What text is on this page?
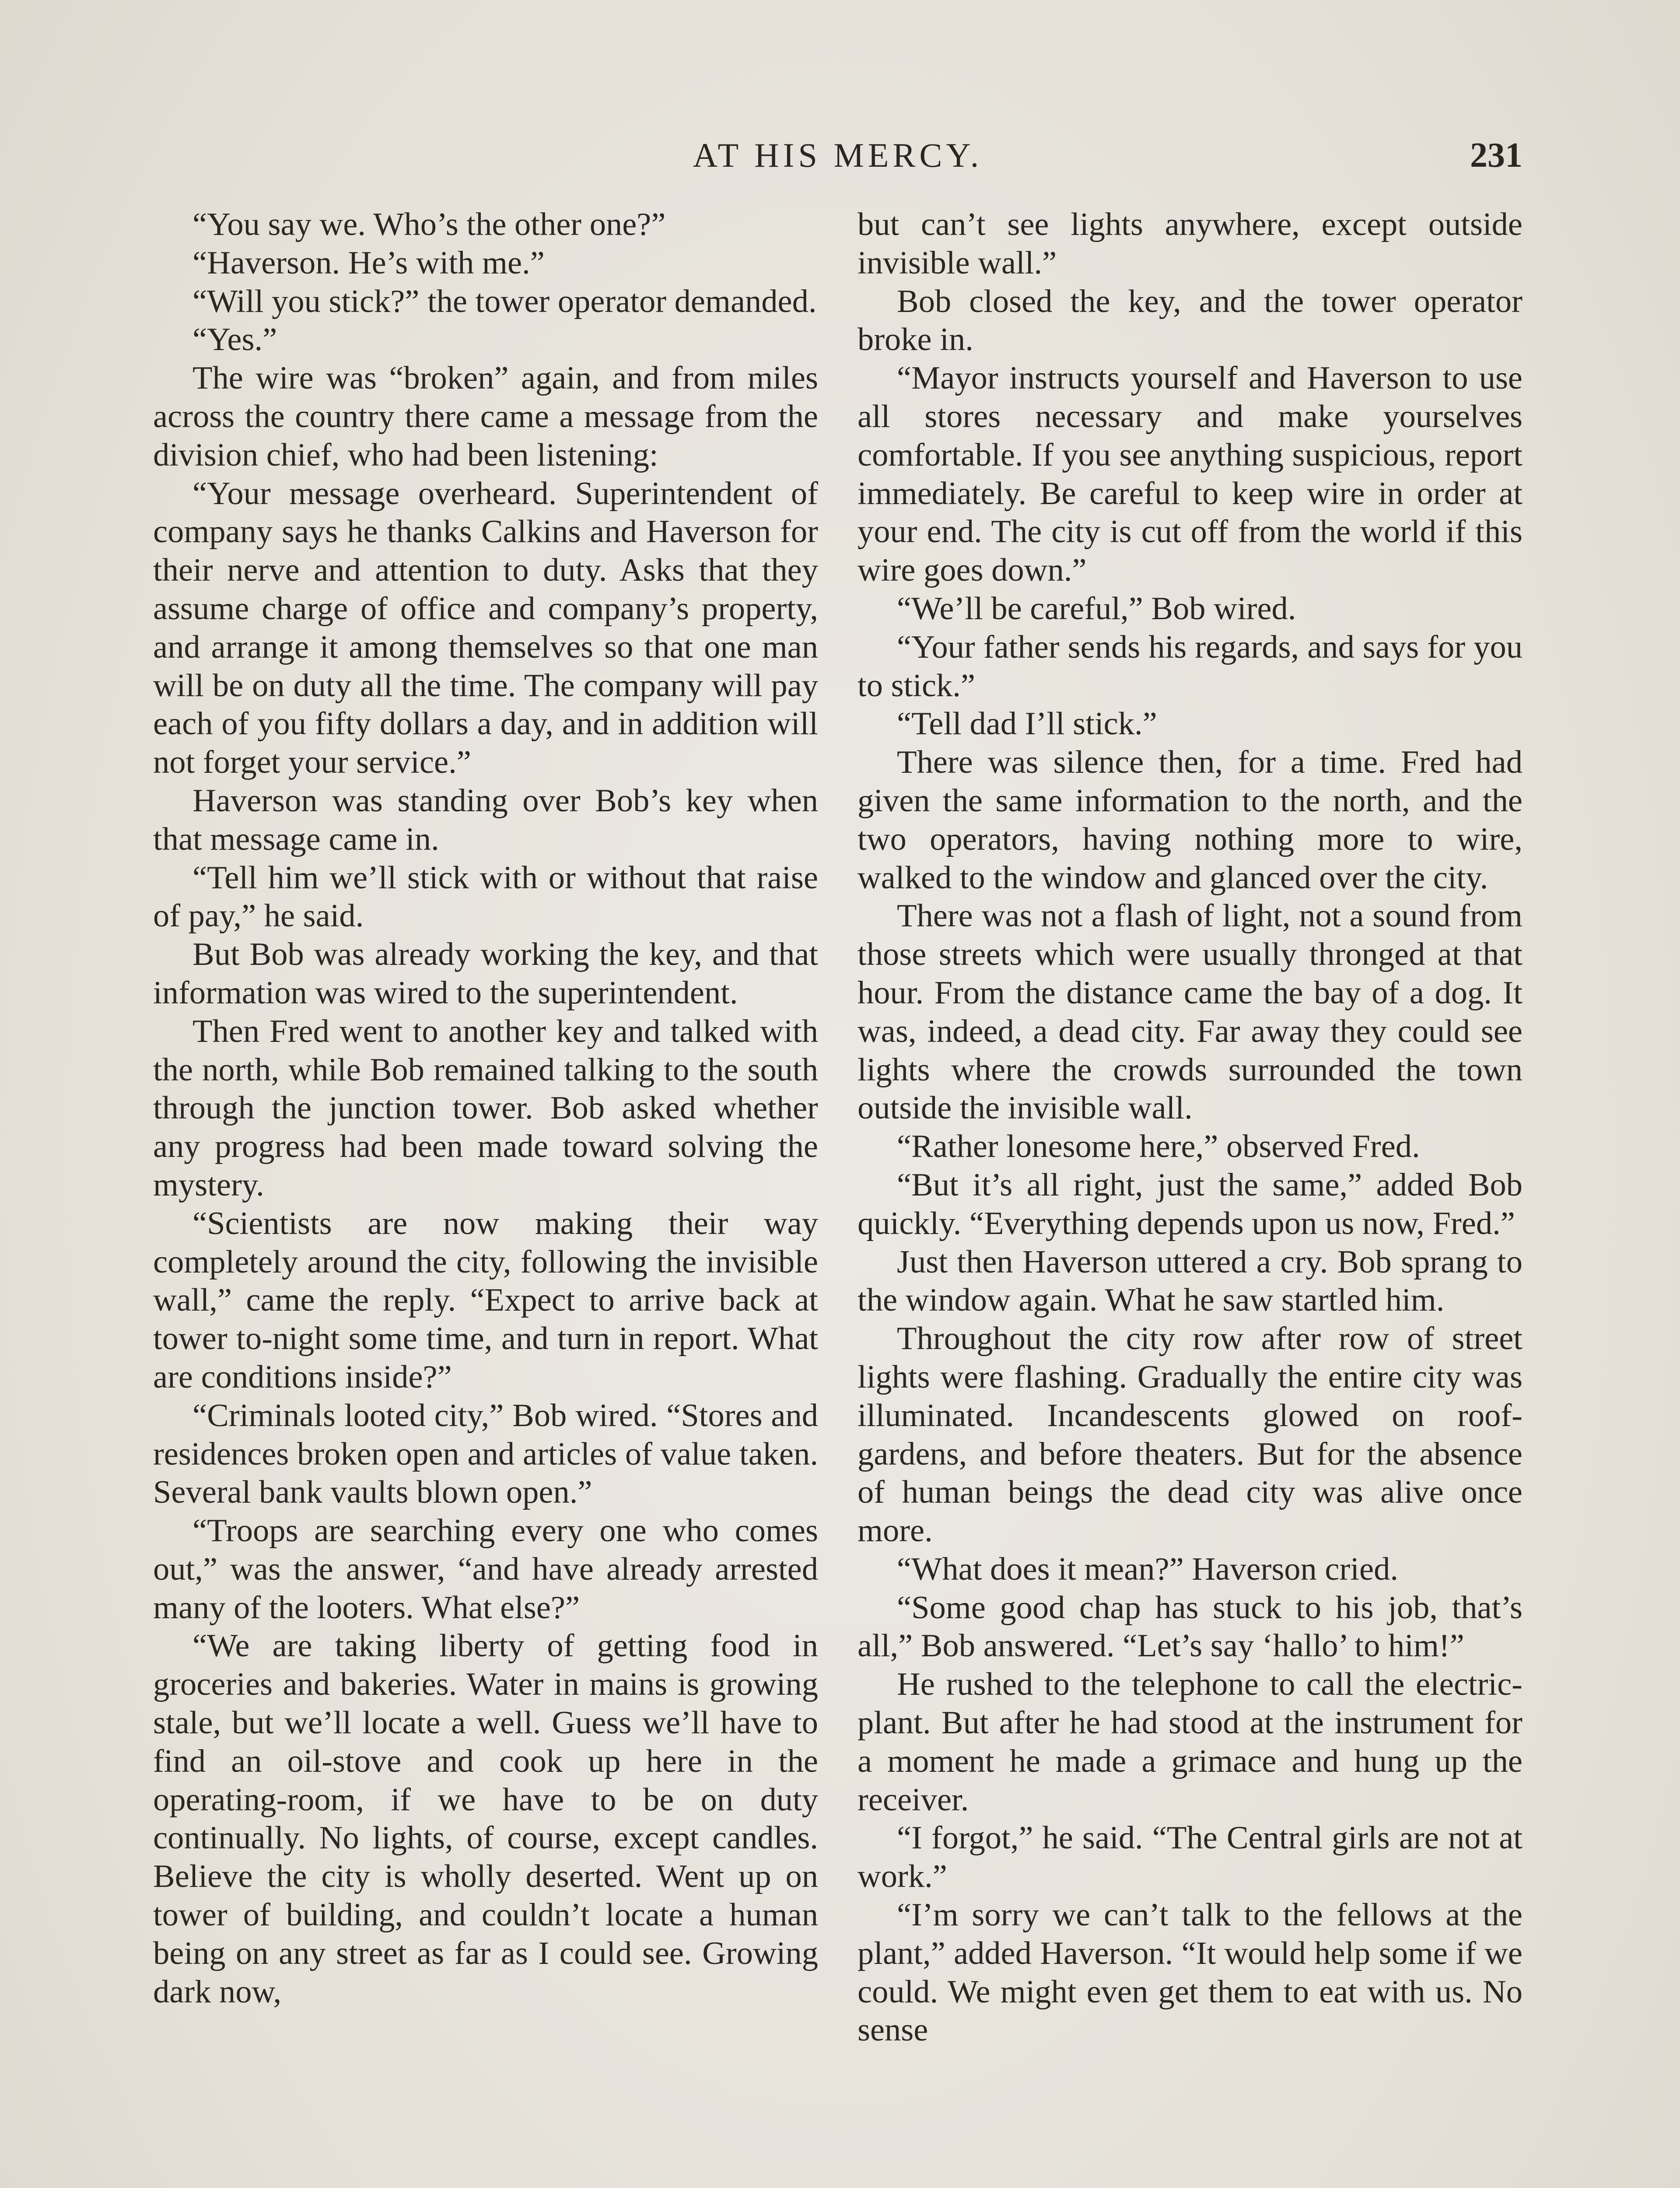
AT HIS MERCY.	231

“You say we. Who’s the other one?”

“Haverson. He’s with me.”

“Will you stick?” the tower operator demanded.

“Yes.”

The wire was “broken” again, and from miles across the country there came a message from the division chief, who had been listening:

“Your message overheard. Superintendent of company says he thanks Calkins and Haverson for their nerve and attention to duty. Asks that they assume charge of office and company’s property, and arrange it among themselves so that one man will be on duty all the time. The company will pay each of you fifty dollars a day, and in addition will not forget your service.”

Haverson was standing over Bob’s key when that message came in.

“Tell him we’ll stick with or without that raise of pay,” he said.

But Bob was already working the key, and that information was wired to the superintendent.

Then Fred went to another key and talked with the north, while Bob remained talking to the south through the junction tower. Bob asked whether any progress had been made toward solving the mystery.

“Scientists are now making their way completely around the city, following the invisible wall,” came the reply. “Expect to arrive back at tower to-night some time, and turn in report. What are conditions inside?”

“Criminals looted city,” Bob wired. “Stores and residences broken open and articles of value taken. Several bank vaults blown open.”

“Troops are searching every one who comes out,” was the answer, “and have already arrested many of the looters. What else?”

“We are taking liberty of getting food in groceries and bakeries. Water in mains is growing stale, but we’ll locate a well. Guess we’ll have to find an oil-stove and cook up here in the operating-room, if we have to be on duty continually. No lights, of course, except candles. Believe the city is wholly deserted. Went up on tower of building, and couldn’t locate a human being on any street as far as I could see. Growing dark now,

but can’t see lights anywhere, except outside invisible wall.”

Bob closed the key, and the tower operator broke in.

“Mayor instructs yourself and Haverson to use all stores necessary and make yourselves comfortable. If you see anything suspicious, report immediately. Be careful to keep wire in order at your end. The city is cut off from the world if this wire goes down.”

“We’ll be careful,” Bob wired.

“Your father sends his regards, and says for you to stick.”

“Tell dad I’ll stick.”

There was silence then, for a time. Fred had given the same information to the north, and the two operators, having nothing more to wire, walked to the window and glanced over the city.

There was not a flash of light, not a sound from those streets which were usually thronged at that hour. From the distance came the bay of a dog. It was, indeed, a dead city. Far away they could see lights where the crowds surrounded the town outside the invisible wall.

“Rather lonesome here,” observed Fred.

“But it’s all right, just the same,” added Bob quickly. “Everything depends upon us now, Fred.”

Just then Haverson uttered a cry. Bob sprang to the window again. What he saw startled him.

Throughout the city row after row of street lights were flashing. Gradually the entire city was illuminated. Incandescents glowed on roof-gardens, and before theaters. But for the absence of human beings the dead city was alive once more.

“What does it mean?” Haverson cried.

“Some good chap has stuck to his job, that’s all,” Bob answered. “Let’s say ‘hallo’ to him!”

He rushed to the telephone to call the electric-plant. But after he had stood at the instrument for a moment he made a grimace and hung up the receiver.

“I forgot,” he said. “The Central girls are not at work.”

“I’m sorry we can’t talk to the fellows at the plant,” added Haverson. “It would help some if we could. We might even get them to eat with us. No sense
